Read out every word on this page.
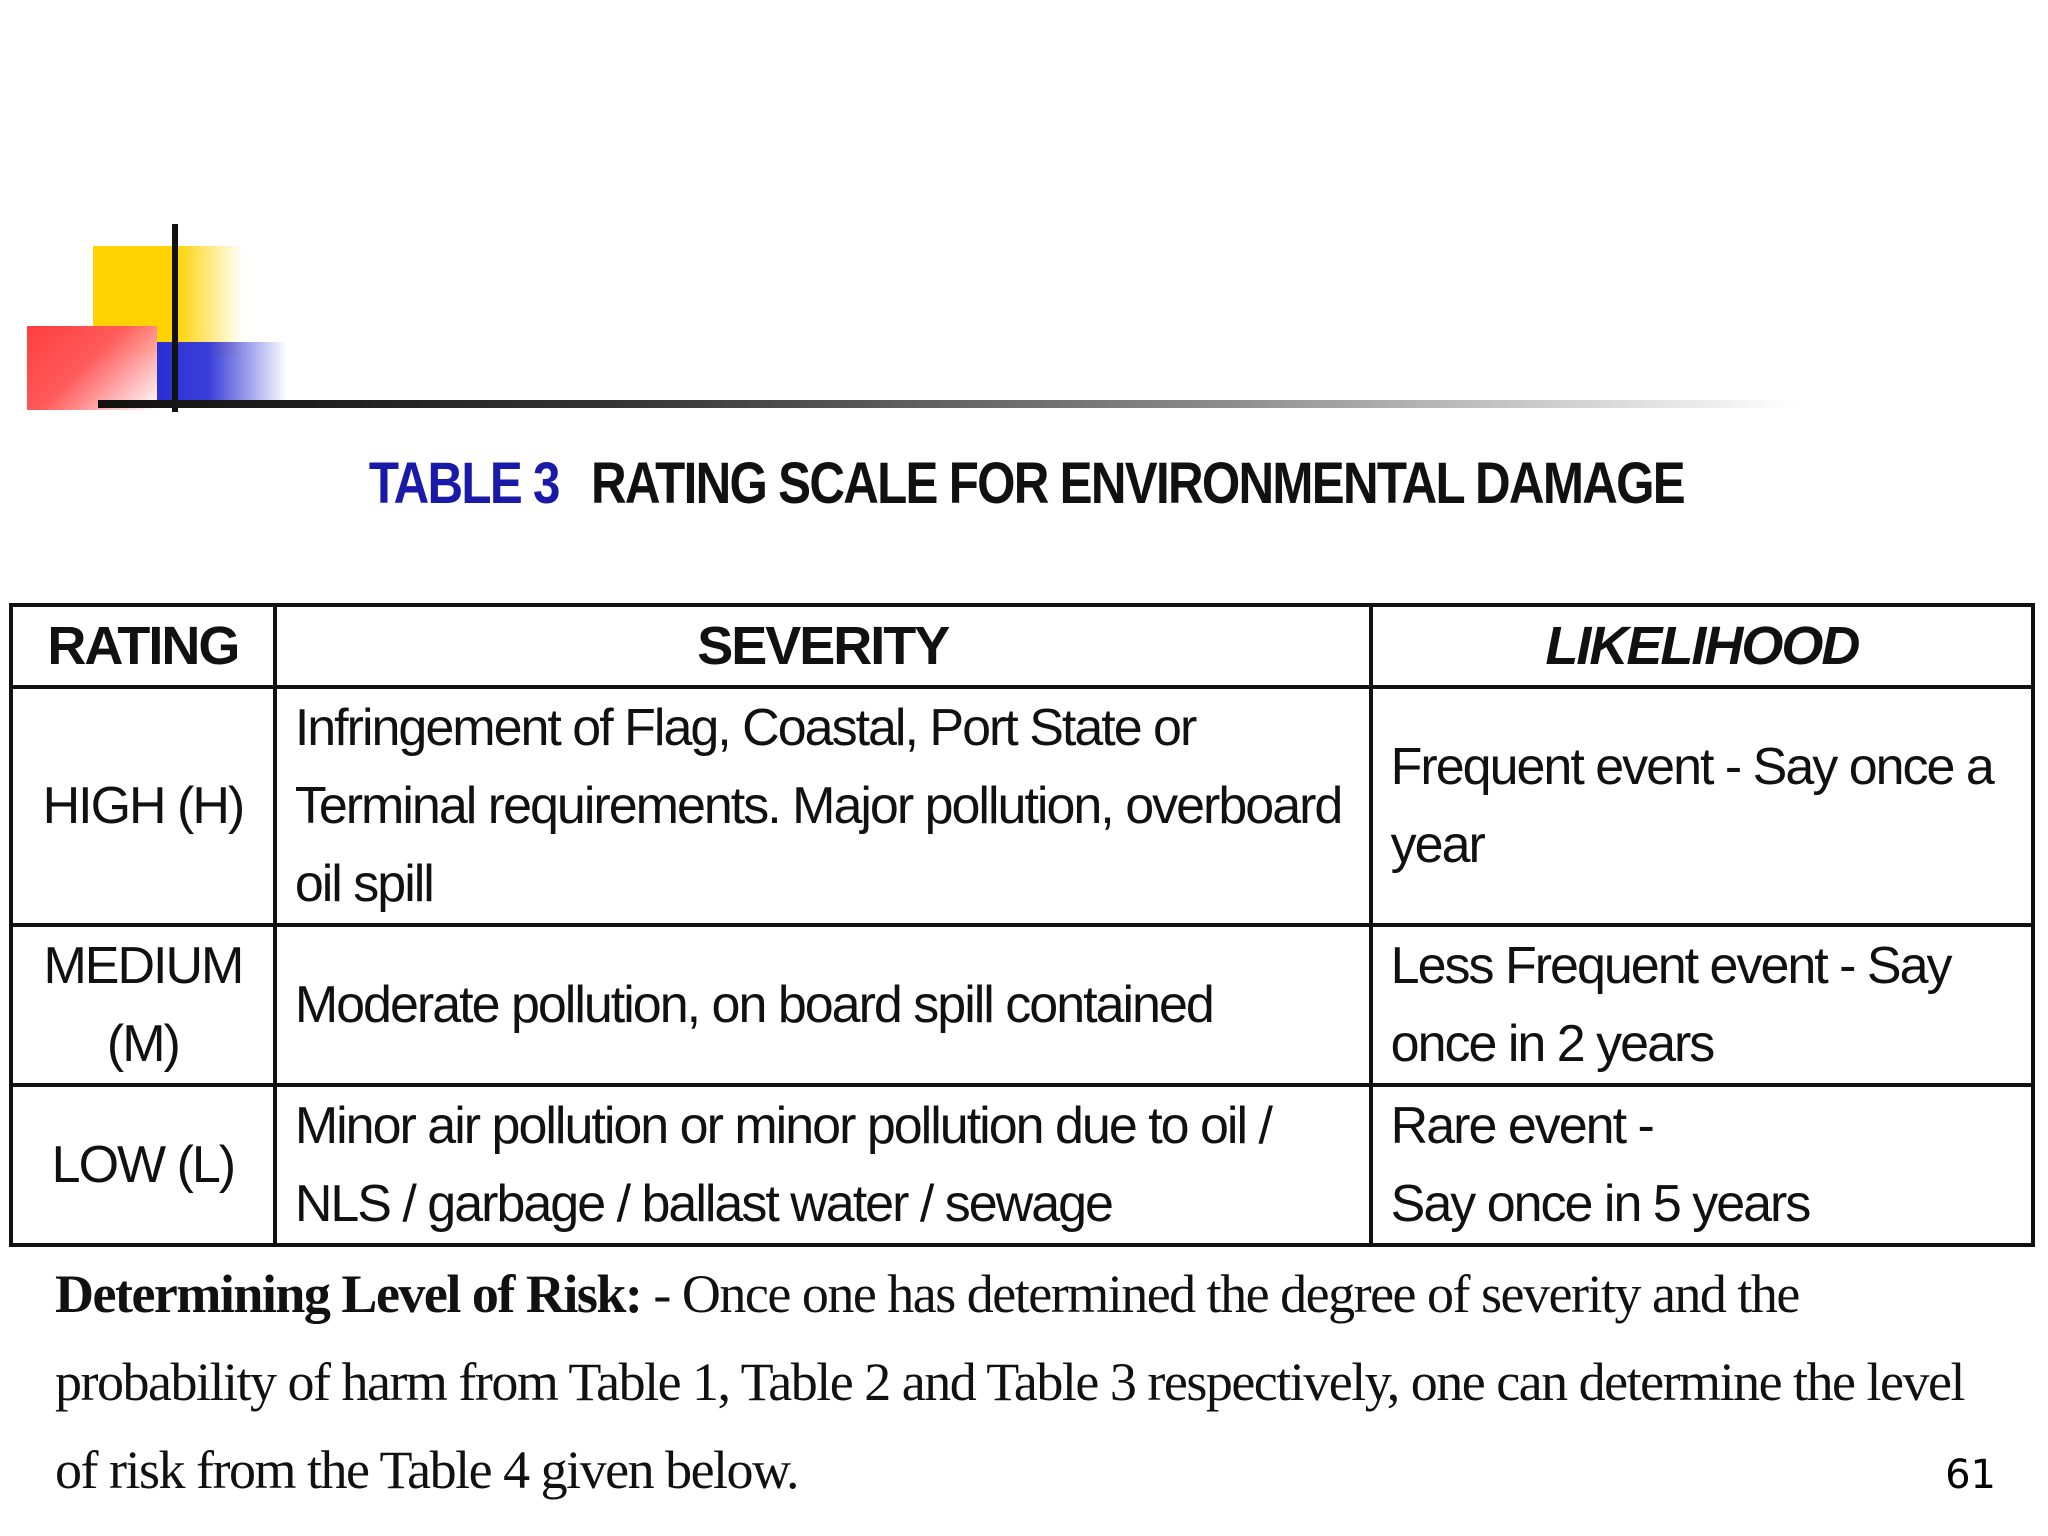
TABLE 3 RATING SCALE FOR ENVIRONMENTAL DAMAGE
RATING	SEVERITY	LIKELIHOOD
HIGH (H)	Infringement of Flag, Coastal, Port State or Terminal requirements. Major pollution, overboard oil spill	Frequent event - Say once a year
MEDIUM (M)	Moderate pollution, on board spill contained	Less Frequent event - Say once in 2 years
LOW (L)	Minor air pollution or minor pollution due to oil / NLS / garbage / ballast water / sewage	Rare event -
Say once in 5 years
Determining Level of Risk: - Once one has determined the degree of severity and the probability of harm from Table 1, Table 2 and Table 3 respectively, one can determine the level of risk from the Table 4 given below.	61
